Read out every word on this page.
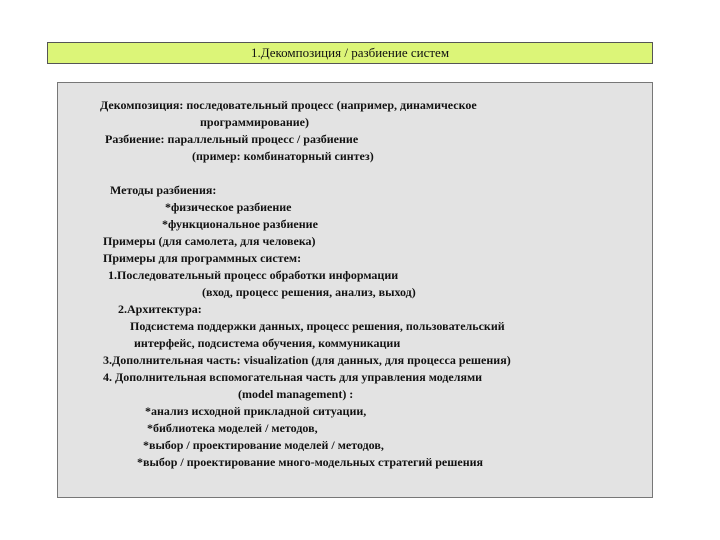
1.Декомпозиция / разбиение систем
Декомпозиция: последовательный процесс (например, динамическое
программирование)
Разбиение: параллельный процесс / разбиение
(пример: комбинаторный синтез)
Методы разбиения:
*физическое разбиение
*функциональное разбиение
Примеры (для самолета, для человека)
Примеры для программных систем:
1.Последовательный процесс обработки информации
(вход, процесс решения, анализ, выход)
2.Архитектура:
Подсистема поддержки данных, процесс решения, пользовательский
интерфейс, подсистема обучения, коммуникации
3.Дополнительная часть: visualization (для данных, для процесса решения)
4. Дополнительная вспомогательная часть для управления моделями
(model management) :
*анализ исходной прикладной ситуации,
*библиотека моделей / методов,
*выбор / проектирование моделей / методов,
*выбор / проектирование много-модельных стратегий решения
